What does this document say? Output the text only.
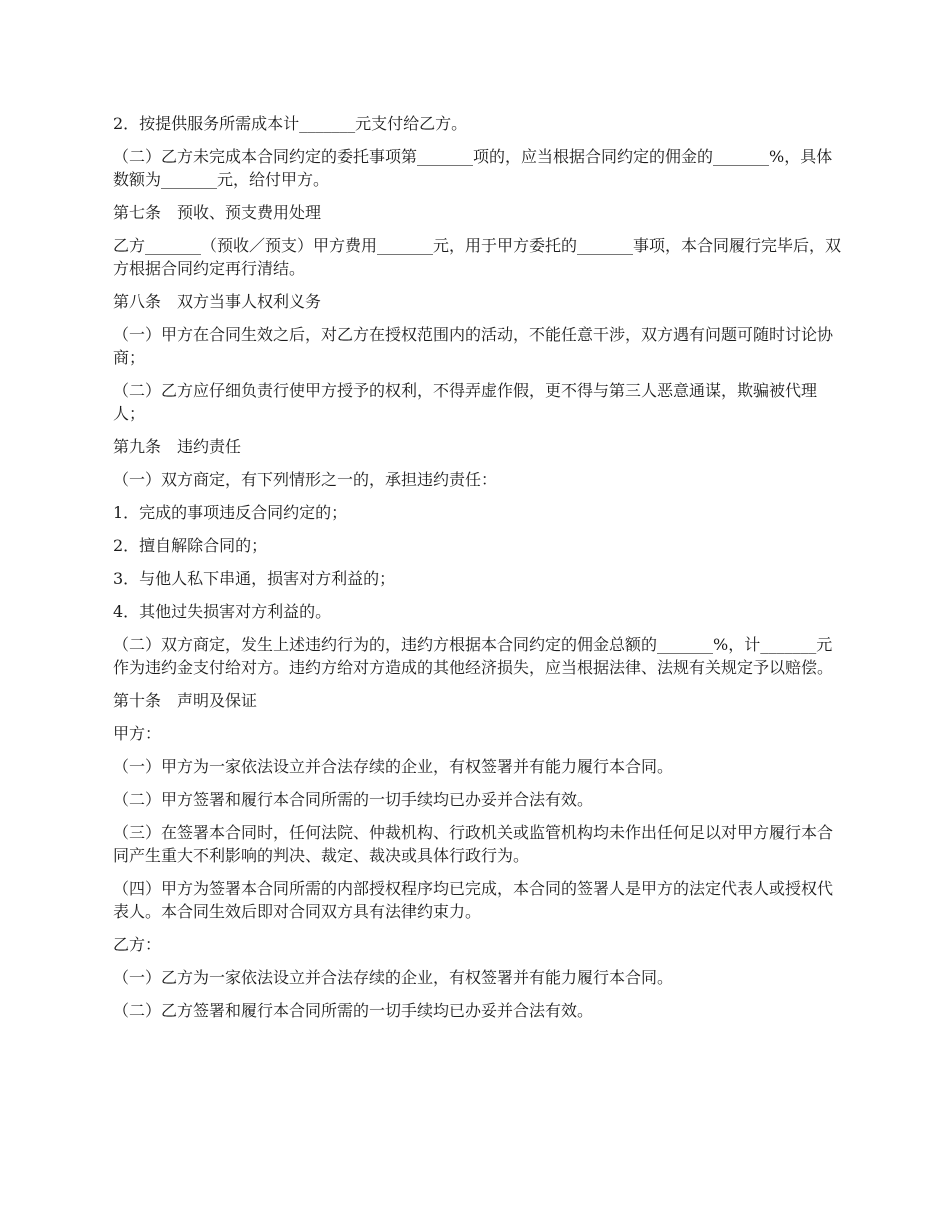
2．按提供服务所需成本计_______元支付给乙方。

（二）乙方未完成本合同约定的委托事项第_______项的，应当根据合同约定的佣金的_______%，具体数额为_______元，给付甲方。

第七条　预收、预支费用处理

乙方_______（预收／预支）甲方费用_______元，用于甲方委托的_______事项，本合同履行完毕后，双方根据合同约定再行清结。

第八条　双方当事人权利义务

（一）甲方在合同生效之后，对乙方在授权范围内的活动，不能任意干涉，双方遇有问题可随时讨论协商；

（二）乙方应仔细负责行使甲方授予的权利，不得弄虚作假，更不得与第三人恶意通谋，欺骗被代理人；

第九条　违约责任

（一）双方商定，有下列情形之一的，承担违约责任：

1．完成的事项违反合同约定的；

2．擅自解除合同的；

3．与他人私下串通，损害对方利益的；

4．其他过失损害对方利益的。

（二）双方商定，发生上述违约行为的，违约方根据本合同约定的佣金总额的_______%，计_______元作为违约金支付给对方。违约方给对方造成的其他经济损失，应当根据法律、法规有关规定予以赔偿。

第十条　声明及保证

甲方：

（一）甲方为一家依法设立并合法存续的企业，有权签署并有能力履行本合同。

（二）甲方签署和履行本合同所需的一切手续均已办妥并合法有效。

（三）在签署本合同时，任何法院、仲裁机构、行政机关或监管机构均未作出任何足以对甲方履行本合同产生重大不利影响的判决、裁定、裁决或具体行政行为。

（四）甲方为签署本合同所需的内部授权程序均已完成，本合同的签署人是甲方的法定代表人或授权代表人。本合同生效后即对合同双方具有法律约束力。

乙方：

（一）乙方为一家依法设立并合法存续的企业，有权签署并有能力履行本合同。

（二）乙方签署和履行本合同所需的一切手续均已办妥并合法有效。
